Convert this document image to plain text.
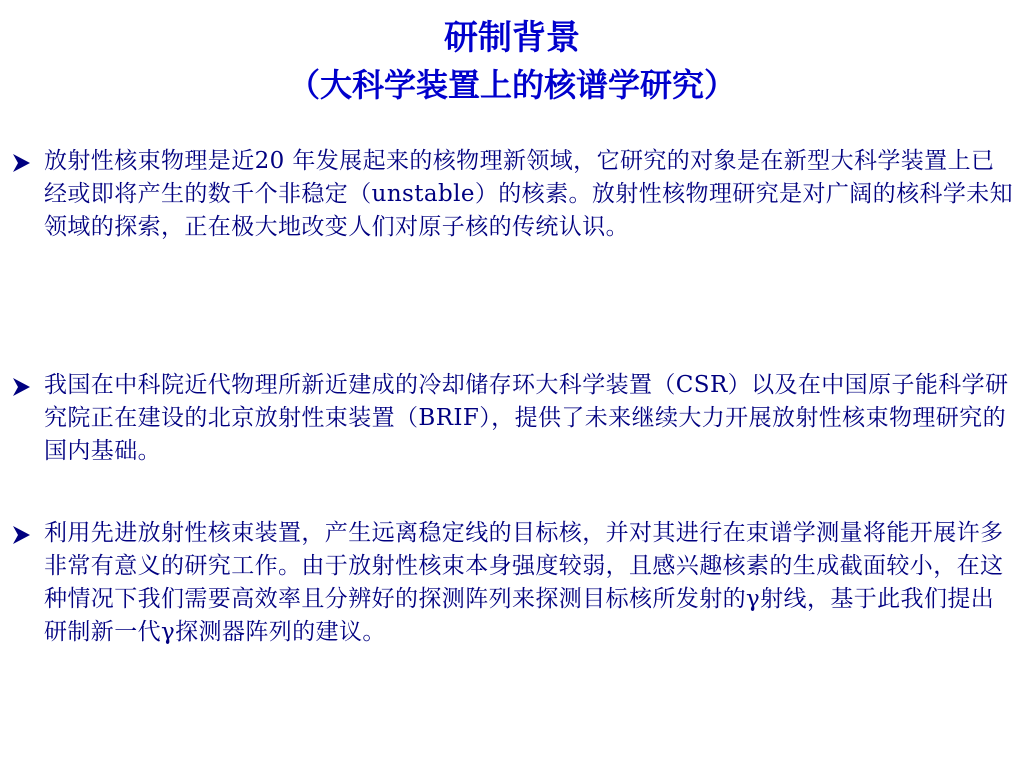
研制背景
（大科学装置上的核谱学研究）
放射性核束物理是近20 年发展起来的核物理新领域，它研究的对象是在新型大科学装置上已经或即将产生的数千个非稳定（unstable）的核素。放射性核物理研究是对广阔的核科学未知领域的探索，正在极大地改变人们对原子核的传统认识。
我国在中科院近代物理所新近建成的冷却储存环大科学装置（CSR）以及在中国原子能科学研究院正在建设的北京放射性束装置（BRIF），提供了未来继续大力开展放射性核束物理研究的国内基础。
利用先进放射性核束装置，产生远离稳定线的目标核，并对其进行在束谱学测量将能开展许多非常有意义的研究工作。由于放射性核束本身强度较弱，且感兴趣核素的生成截面较小，在这种情况下我们需要高效率且分辨好的探测阵列来探测目标核所发射的γ射线，基于此我们提出研制新一代γ探测器阵列的建议。
